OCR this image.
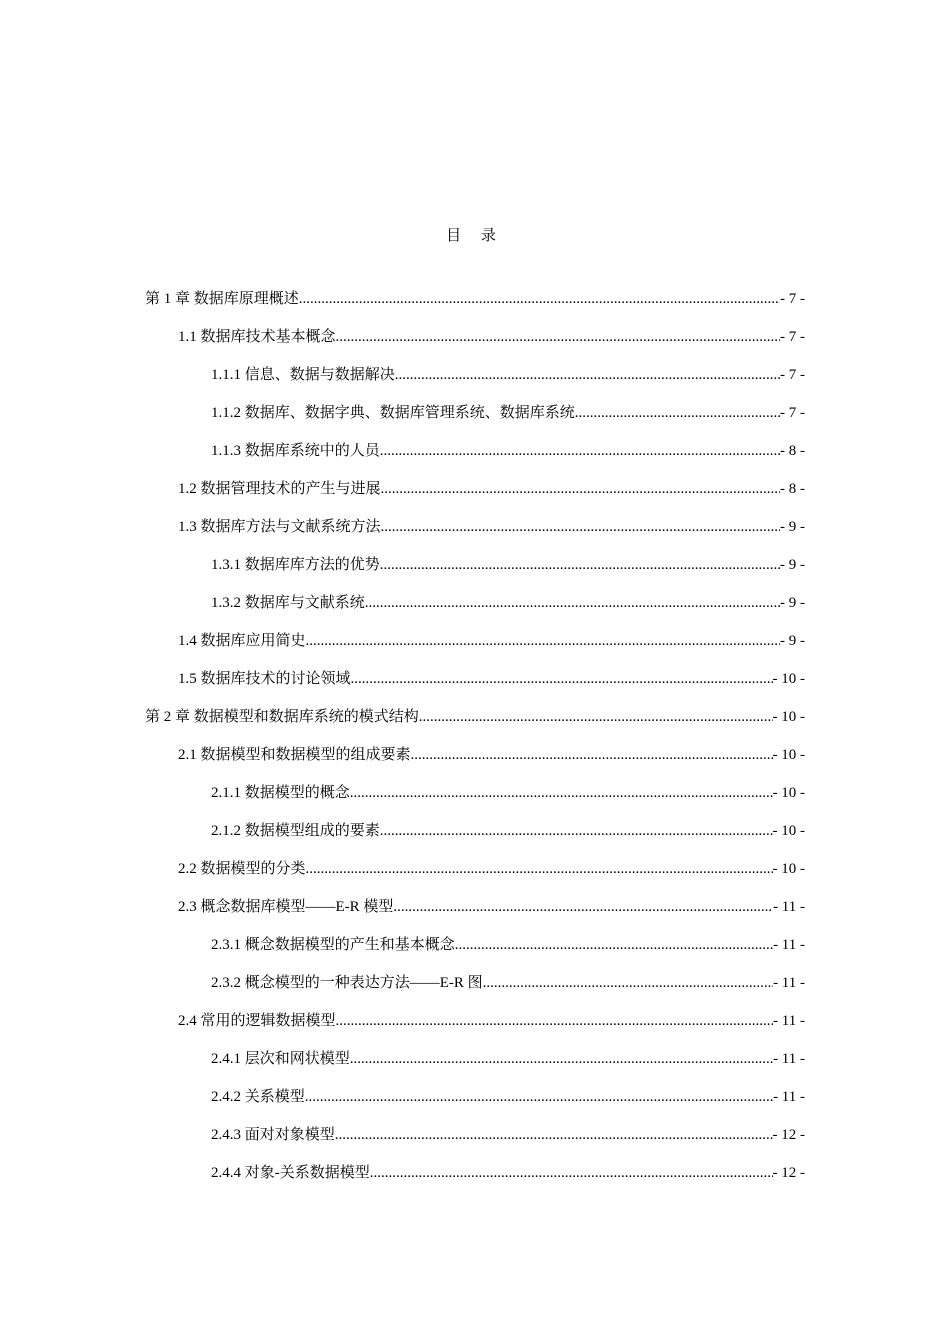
目 录
第 1 章 数据库原理概述 .....	- 7 -
1.1 数据库技术基本概念 .....	- 7 -
1.1.1 信息、数据与数据解决 .....	- 7 -
1.1.2 数据库、数据字典、数据库管理系统、数据库系统 .....	- 7 -
1.1.3 数据库系统中的人员 .....	- 8 -
1.2 数据管理技术的产生与进展 .....	- 8 -
1.3 数据库方法与文献系统方法 .....	- 9 -
1.3.1 数据库库方法的优势 .....	- 9 -
1.3.2 数据库与文献系统 .....	- 9 -
1.4 数据库应用简史 .....	- 9 -
1.5 数据库技术的讨论领域 .....	- 10 -
第 2 章 数据模型和数据库系统的模式结构 .....	- 10 -
2.1 数据模型和数据模型的组成要素 .....	- 10 -
2.1.1 数据模型的概念 .....	- 10 -
2.1.2 数据模型组成的要素 .....	- 10 -
2.2 数据模型的分类 .....	- 10 -
2.3 概念数据库模型——E-R 模型 .....	- 11 -
2.3.1 概念数据模型的产生和基本概念 .....	- 11 -
2.3.2 概念模型的一种表达方法——E-R 图 .....	- 11 -
2.4 常用的逻辑数据模型 .....	- 11 -
2.4.1 层次和网状模型 .....	- 11 -
2.4.2 关系模型 .....	- 11 -
2.4.3 面对对象模型 .....	- 12 -
2.4.4 对象-关系数据模型 .....	- 12 -
